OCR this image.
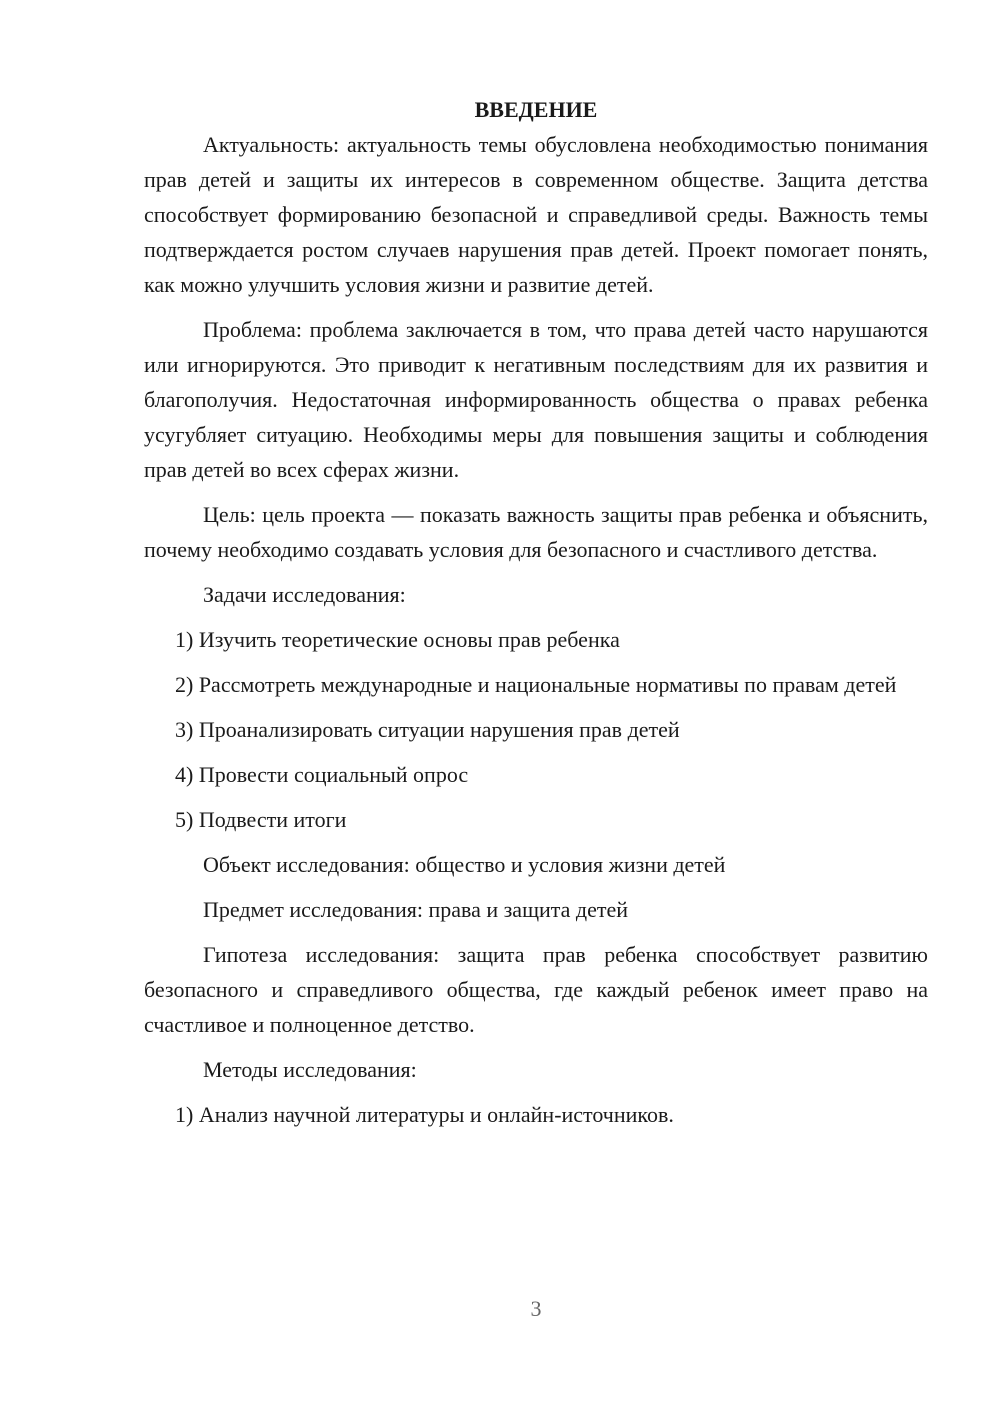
ВВЕДЕНИЕ

Актуальность: актуальность темы обусловлена необходимостью понимания прав детей и защиты их интересов в современном обществе. Защита детства способствует формированию безопасной и справедливой среды. Важность темы подтверждается ростом случаев нарушения прав детей. Проект помогает понять, как можно улучшить условия жизни и развитие детей.

Проблема: проблема заключается в том, что права детей часто нарушаются или игнорируются. Это приводит к негативным последствиям для их развития и благополучия. Недостаточная информированность общества о правах ребенка усугубляет ситуацию. Необходимы меры для повышения защиты и соблюдения прав детей во всех сферах жизни.

Цель: цель проекта — показать важность защиты прав ребенка и объяснить, почему необходимо создавать условия для безопасного и счастливого детства.

Задачи исследования:

1) Изучить теоретические основы прав ребенка

2) Рассмотреть международные и национальные нормативы по правам детей

3) Проанализировать ситуации нарушения прав детей

4) Провести социальный опрос

5) Подвести итоги

Объект исследования: общество и условия жизни детей

Предмет исследования: права и защита детей

Гипотеза исследования: защита прав ребенка способствует развитию безопасного и справедливого общества, где каждый ребенок имеет право на счастливое и полноценное детство.

Методы исследования:

1) Анализ научной литературы и онлайн-источников.

3
